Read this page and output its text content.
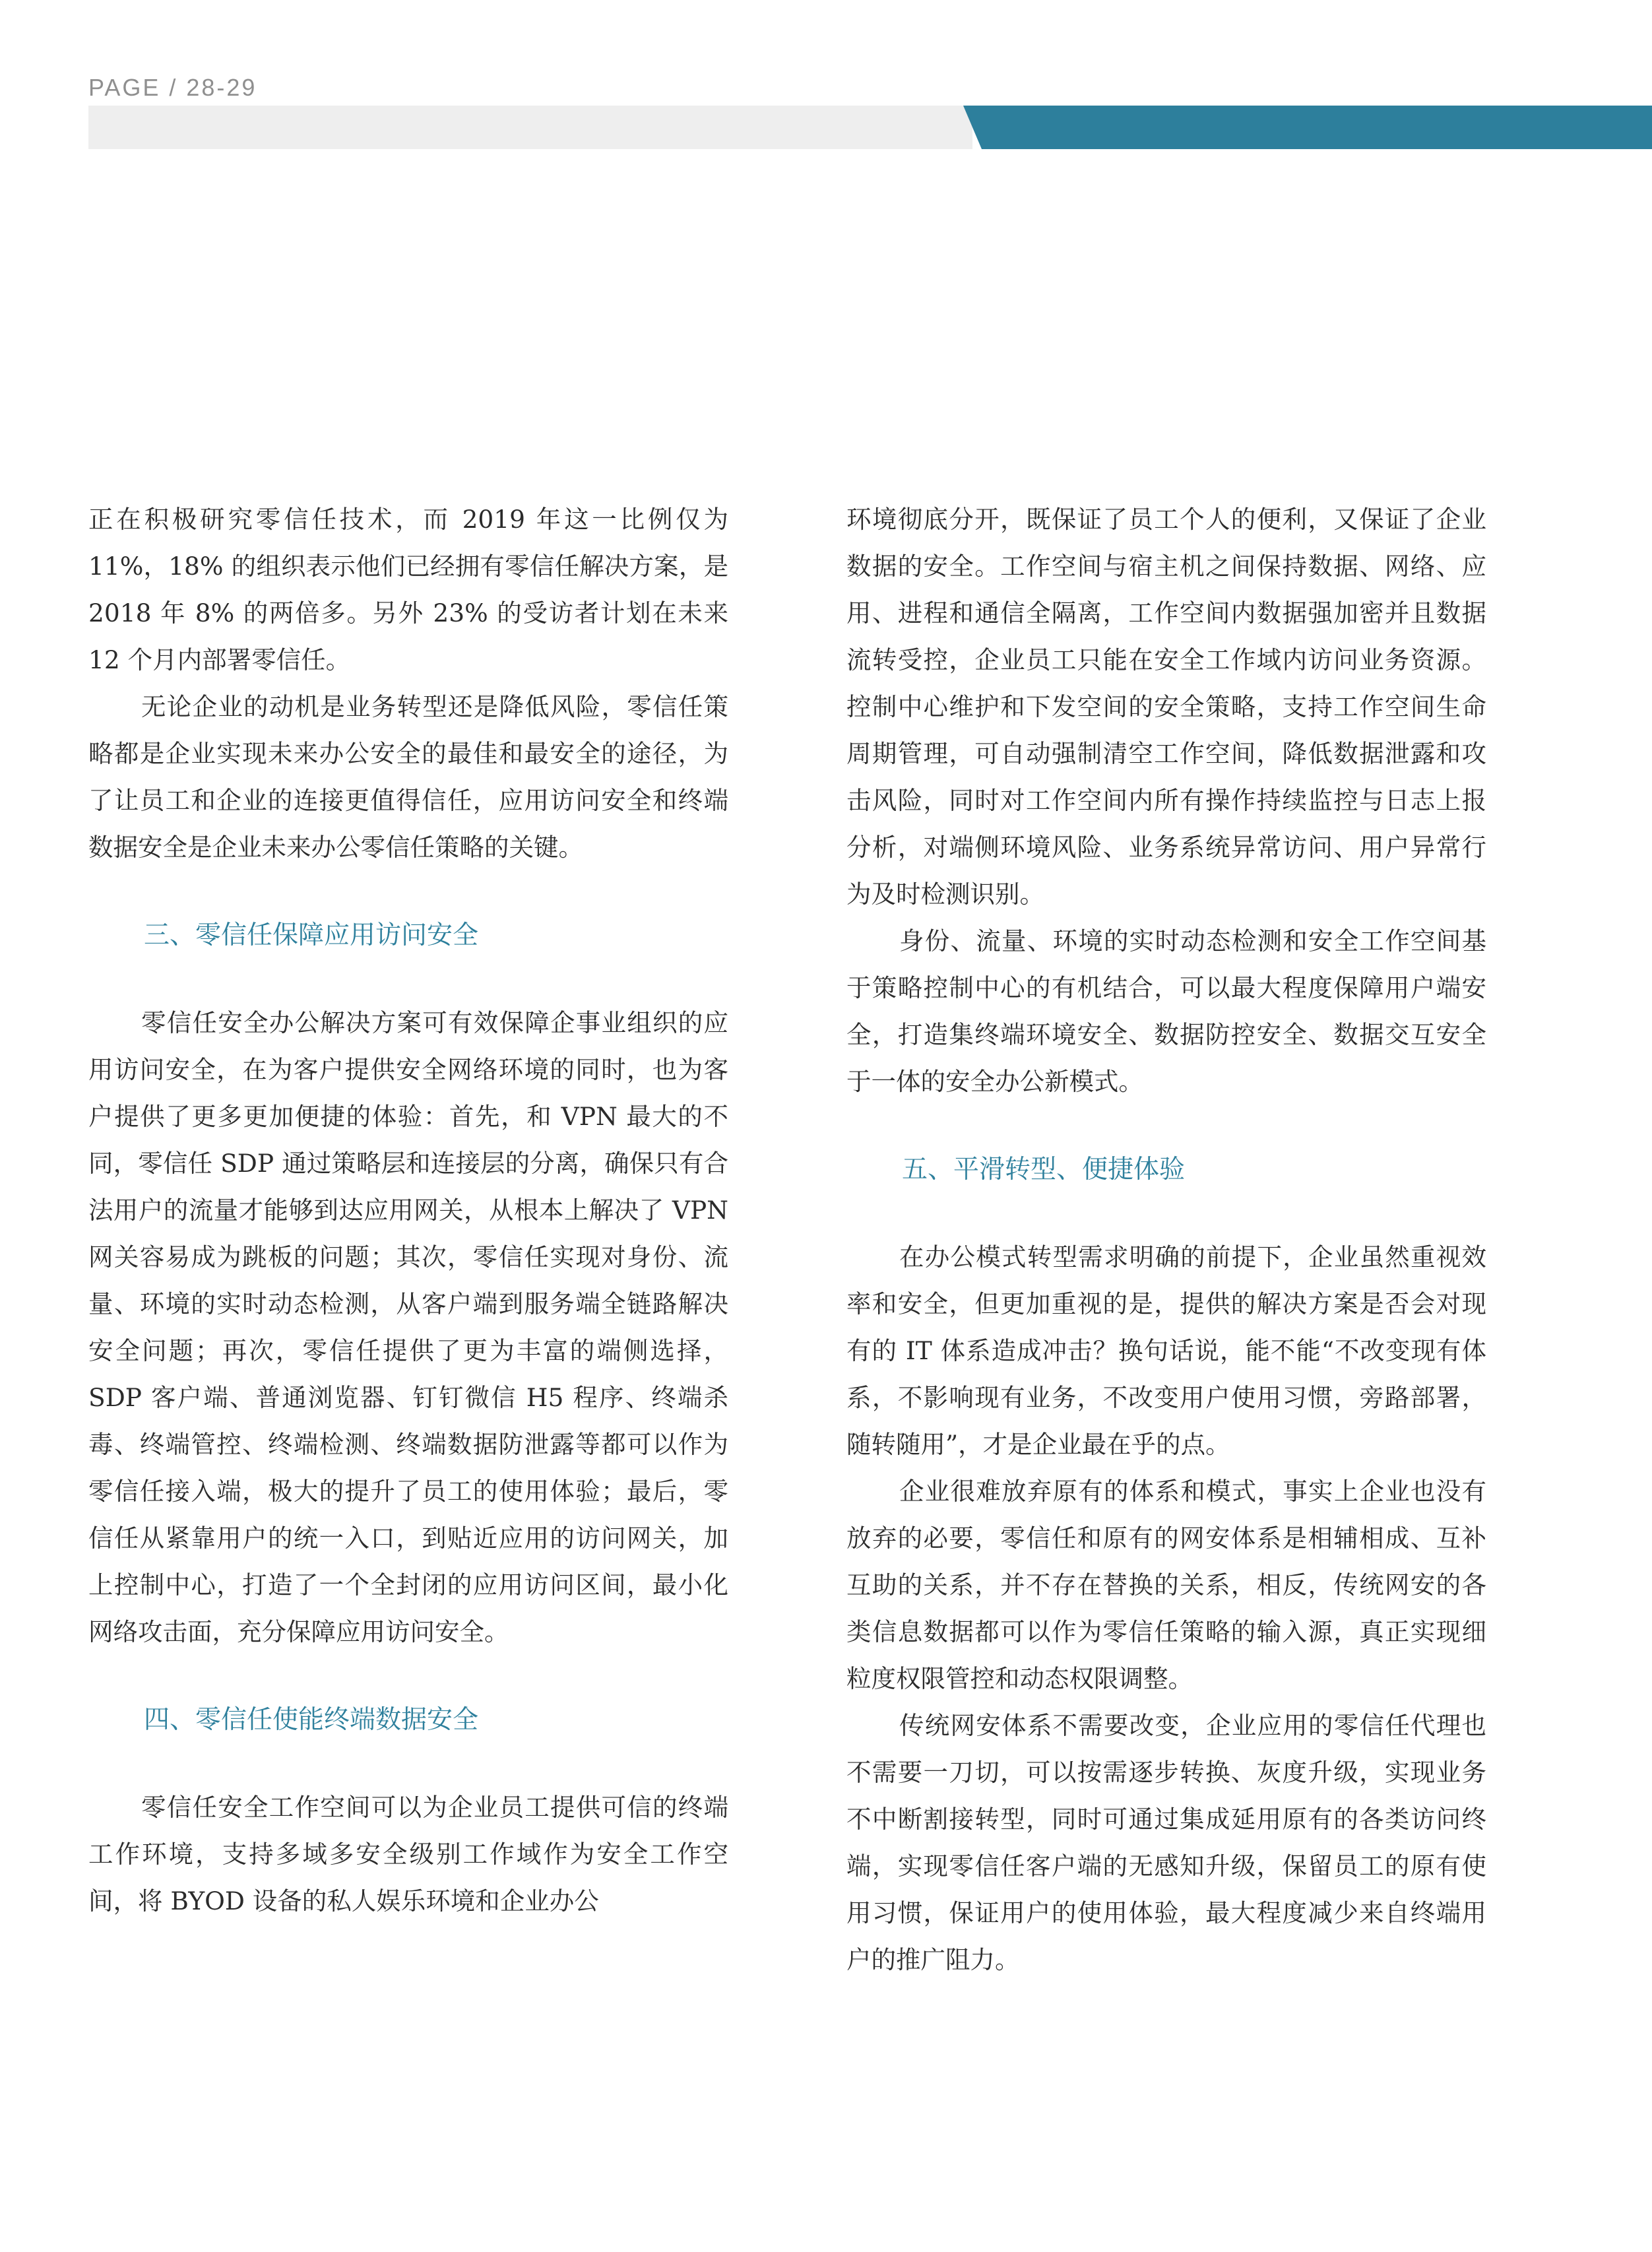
PAGE / 28-29
投资视野 2023 年第 1 期（总第 3 期）

正在积极研究零信任技术，而 2019 年这一比例仅为 11%，18% 的组织表示他们已经拥有零信任解决方案，是 2018 年 8% 的两倍多。另外 23% 的受访者计划在未来 12 个月内部署零信任。

无论企业的动机是业务转型还是降低风险，零信任策略都是企业实现未来办公安全的最佳和最安全的途径，为了让员工和企业的连接更值得信任，应用访问安全和终端数据安全是企业未来办公零信任策略的关键。

三、零信任保障应用访问安全

零信任安全办公解决方案可有效保障企事业组织的应用访问安全，在为客户提供安全网络环境的同时，也为客户提供了更多更加便捷的体验：首先，和 VPN 最大的不同，零信任 SDP 通过策略层和连接层的分离，确保只有合法用户的流量才能够到达应用网关，从根本上解决了 VPN 网关容易成为跳板的问题；其次，零信任实现对身份、流量、环境的实时动态检测，从客户端到服务端全链路解决安全问题；再次，零信任提供了更为丰富的端侧选择，SDP 客户端、普通浏览器、钉钉微信 H5 程序、终端杀毒、终端管控、终端检测、终端数据防泄露等都可以作为零信任接入端，极大的提升了员工的使用体验；最后，零信任从紧靠用户的统一入口，到贴近应用的访问网关，加上控制中心，打造了一个全封闭的应用访问区间，最小化网络攻击面，充分保障应用访问安全。

四、零信任使能终端数据安全

零信任安全工作空间可以为企业员工提供可信的终端工作环境，支持多域多安全级别工作域作为安全工作空间，将 BYOD 设备的私人娱乐环境和企业办公

环境彻底分开，既保证了员工个人的便利，又保证了企业数据的安全。工作空间与宿主机之间保持数据、网络、应用、进程和通信全隔离，工作空间内数据强加密并且数据流转受控，企业员工只能在安全工作域内访问业务资源。控制中心维护和下发空间的安全策略，支持工作空间生命周期管理，可自动强制清空工作空间，降低数据泄露和攻击风险，同时对工作空间内所有操作持续监控与日志上报分析，对端侧环境风险、业务系统异常访问、用户异常行为及时检测识别。

身份、流量、环境的实时动态检测和安全工作空间基于策略控制中心的有机结合，可以最大程度保障用户端安全，打造集终端环境安全、数据防控安全、数据交互安全于一体的安全办公新模式。

五、平滑转型、便捷体验

在办公模式转型需求明确的前提下，企业虽然重视效率和安全，但更加重视的是，提供的解决方案是否会对现有的 IT 体系造成冲击？换句话说，能不能“不改变现有体系，不影响现有业务，不改变用户使用习惯，旁路部署，随转随用”，才是企业最在乎的点。

企业很难放弃原有的体系和模式，事实上企业也没有放弃的必要，零信任和原有的网安体系是相辅相成、互补互助的关系，并不存在替换的关系，相反，传统网安的各类信息数据都可以作为零信任策略的输入源，真正实现细粒度权限管控和动态权限调整。

传统网安体系不需要改变，企业应用的零信任代理也不需要一刀切，可以按需逐步转换、灰度升级，实现业务不中断割接转型，同时可通过集成延用原有的各类访问终端，实现零信任客户端的无感知升级，保留员工的原有使用习惯，保证用户的使用体验，最大程度减少来自终端用户的推广阻力。
